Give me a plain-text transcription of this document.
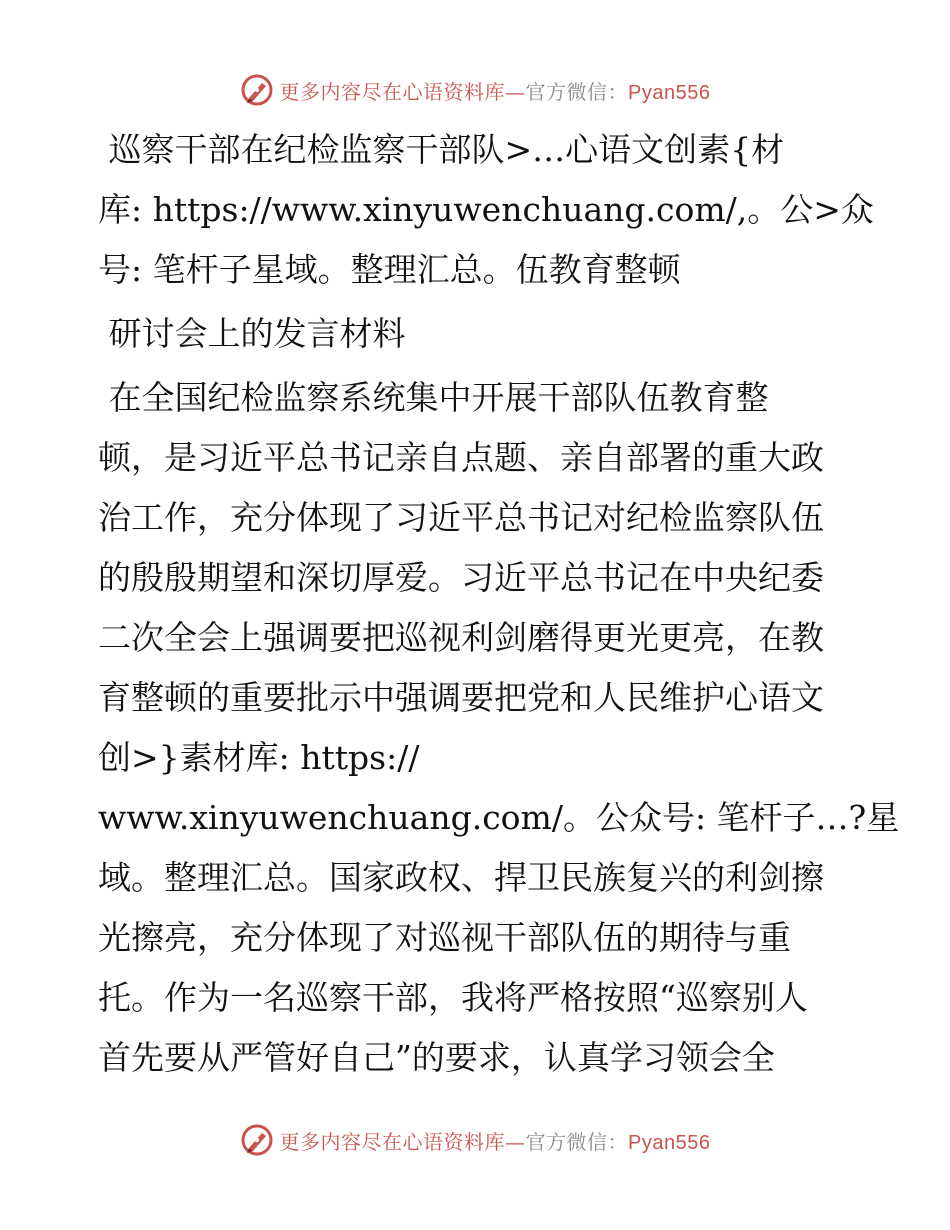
更多内容尽在心语资料库—官方微信：Pyan556

巡察干部在纪检监察干部队>…心语文创素{材

库: https://www.xinyuwenchuang.com/,。公>众

号: 笔杆子星域。整理汇总。伍教育整顿

研讨会上的发言材料

在全国纪检监察系统集中开展干部队伍教育整

顿，是习近平总书记亲自点题、亲自部署的重大政

治工作，充分体现了习近平总书记对纪检监察队伍

的殷殷期望和深切厚爱。习近平总书记在中央纪委

二次全会上强调要把巡视利剑磨得更光更亮，在教

育整顿的重要批示中强调要把党和人民维护心语文

创>}素材库: https://

www.xinyuwenchuang.com/。公众号: 笔杆子…?星

域。整理汇总。国家政权、捍卫民族复兴的利剑擦

光擦亮，充分体现了对巡视干部队伍的期待与重

托。作为一名巡察干部，我将严格按照“巡察别人

首先要从严管好自己”的要求，认真学习领会全

更多内容尽在心语资料库—官方微信：Pyan556
